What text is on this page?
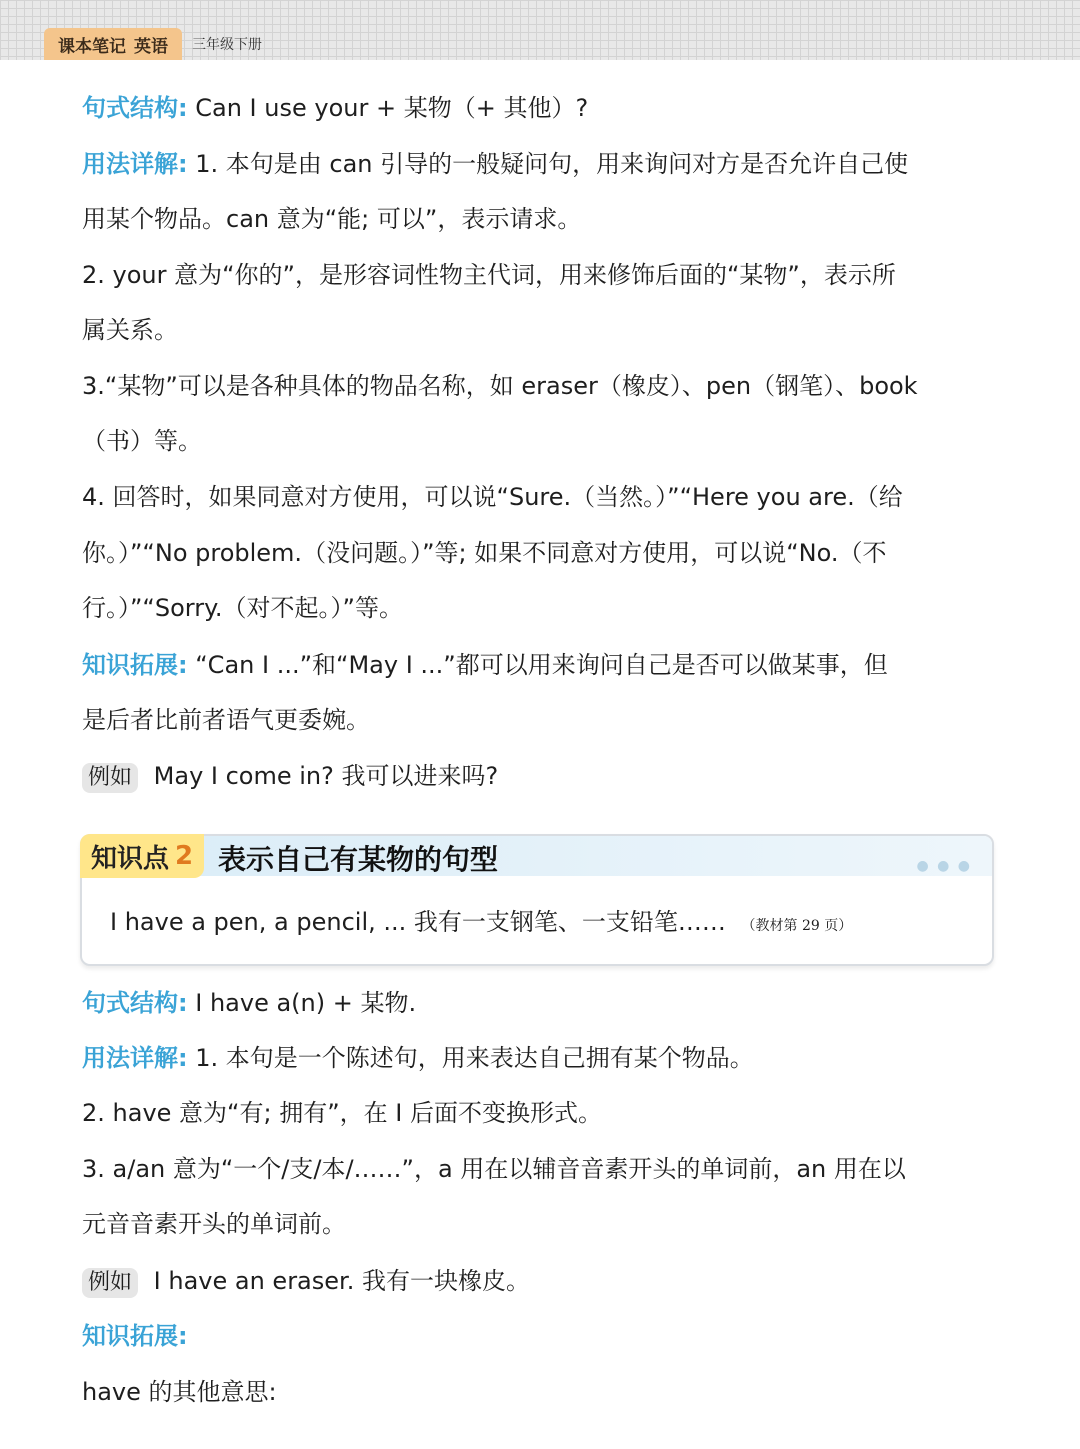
课本笔记 英语 三年级下册
句式结构: Can I use your + 某物（+ 其他）?
用法详解: 1. 本句是由 can 引导的一般疑问句，用来询问对方是否允许自己使
用某个物品。can 意为“能; 可以”，表示请求。
2. your 意为“你的”，是形容词性物主代词，用来修饰后面的“某物”，表示所
属关系。
3.“某物”可以是各种具体的物品名称，如 eraser（橡皮）、pen（钢笔）、book
（书）等。
4. 回答时，如果同意对方使用，可以说“Sure.（当然。）”“Here you are.（给
你。）”“No problem.（没问题。）”等; 如果不同意对方使用，可以说“No.（不
行。）”“Sorry.（对不起。）”等。
知识拓展: “Can I ...”和“May I ...”都可以用来询问自己是否可以做某事，但
是后者比前者语气更委婉。
例如 May I come in? 我可以进来吗?
知识点 2 表示自己有某物的句型	● ● ●
I have a pen, a pencil, ... 我有一支钢笔、一支铅笔…… （教材第 29 页）
句式结构: I have a(n) + 某物.
用法详解: 1. 本句是一个陈述句，用来表达自己拥有某个物品。
2. have 意为“有; 拥有”，在 I 后面不变换形式。
3. a/an 意为“一个/支/本/……”，a 用在以辅音音素开头的单词前，an 用在以
元音音素开头的单词前。
例如 I have an eraser. 我有一块橡皮。
知识拓展:
have 的其他意思:
